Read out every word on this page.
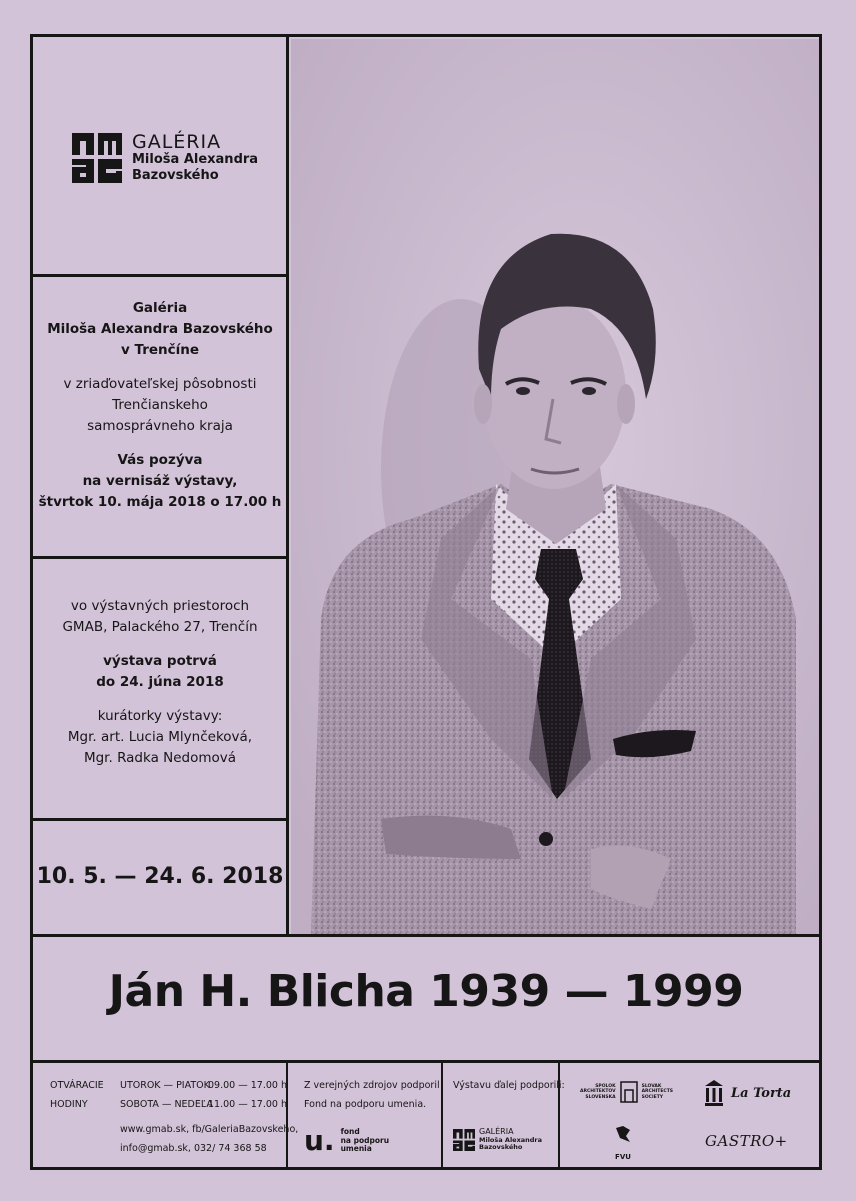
GALÉRIA
Miloša Alexandra
Bazovského
Galéria
Miloša Alexandra Bazovského
v Trenčíne
v zriaďovateľskej pôsobnosti
Trenčianskeho
samosprávneho kraja
Vás pozýva
na vernisáž výstavy,
štvrtok 10. mája 2018 o 17.00 h
vo výstavných priestoroch
GMAB, Palackého 27, Trenčín
výstava potrvá
do 24. júna 2018
kurátorky výstavy:
Mgr. art. Lucia Mlynčeková,
Mgr. Radka Nedomová
10. 5. — 24. 6. 2018
Ján H. Blicha 1939 — 1999
OTVÁRACIE
HODINY
UTOROK — PIATOK
SOBOTA — NEDEĽA
09.00 — 17.00 h
11.00 — 17.00 h
www.gmab.sk, fb/GaleriaBazovskeho,
info@gmab.sk, 032/ 74 368 58
Z verejných zdrojov podporil
Fond na podporu umenia.
u. fond
na podporu
umenia
Výstavu ďalej podporili:
GALÉRIA
Miloša Alexandra
Bazovského
SPOLOK
ARCHITEKTOV
SLOVENSKA
SLOVAK
ARCHITECTS
SOCIETY	La Torta
FVU
GASTRO+
